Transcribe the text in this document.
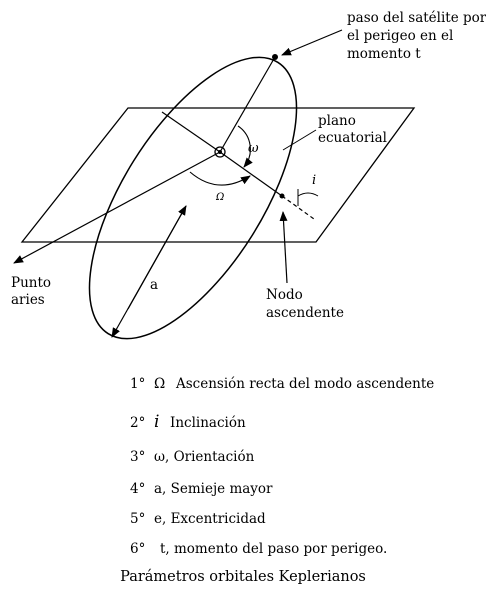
paso del satélite por
el perigeo en el
momento t
plano
ecuatorial
Punto
aries	Nodo
ascendente
a
ω
Ω
i
1° Ω Ascensión recta del modo ascendente
2° i Inclinación
3° ω, Orientación
4° a, Semieje mayor
5° e, Excentricidad
6° t, momento del paso por perigeo.
Parámetros orbitales Keplerianos
